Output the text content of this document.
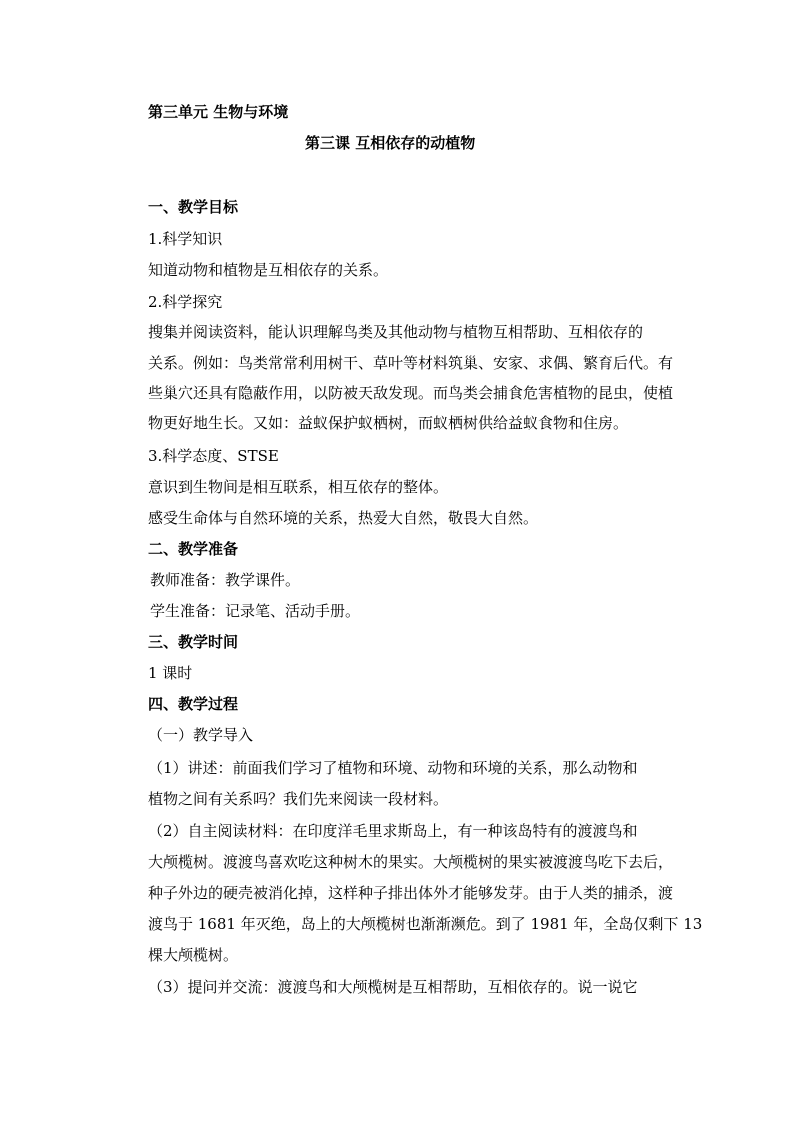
第三单元 生物与环境
第三课 互相依存的动植物
一、教学目标
1.科学知识
知道动物和植物是互相依存的关系。
2.科学探究
搜集并阅读资料，能认识理解鸟类及其他动物与植物互相帮助、互相依存的
关系。例如：鸟类常常利用树干、草叶等材料筑巢、安家、求偶、繁育后代。有
些巢穴还具有隐蔽作用，以防被天敌发现。而鸟类会捕食危害植物的昆虫，使植
物更好地生长。又如：益蚁保护蚁栖树，而蚁栖树供给益蚁食物和住房。
3.科学态度、STSE
意识到生物间是相互联系，相互依存的整体。
感受生命体与自然环境的关系，热爱大自然，敬畏大自然。
二、教学准备
教师准备：教学课件。
学生准备：记录笔、活动手册。
三、教学时间
1 课时
四、教学过程
（一）教学导入
（1）讲述：前面我们学习了植物和环境、动物和环境的关系，那么动物和
植物之间有关系吗？我们先来阅读一段材料。
（2）自主阅读材料：在印度洋毛里求斯岛上，有一种该岛特有的渡渡鸟和
大颅榄树。渡渡鸟喜欢吃这种树木的果实。大颅榄树的果实被渡渡鸟吃下去后，
种子外边的硬壳被消化掉，这样种子排出体外才能够发芽。由于人类的捕杀，渡
渡鸟于 1681 年灭绝，岛上的大颅榄树也渐渐濒危。到了 1981 年，全岛仅剩下 13
棵大颅榄树。
（3）提问并交流：渡渡鸟和大颅榄树是互相帮助，互相依存的。说一说它
